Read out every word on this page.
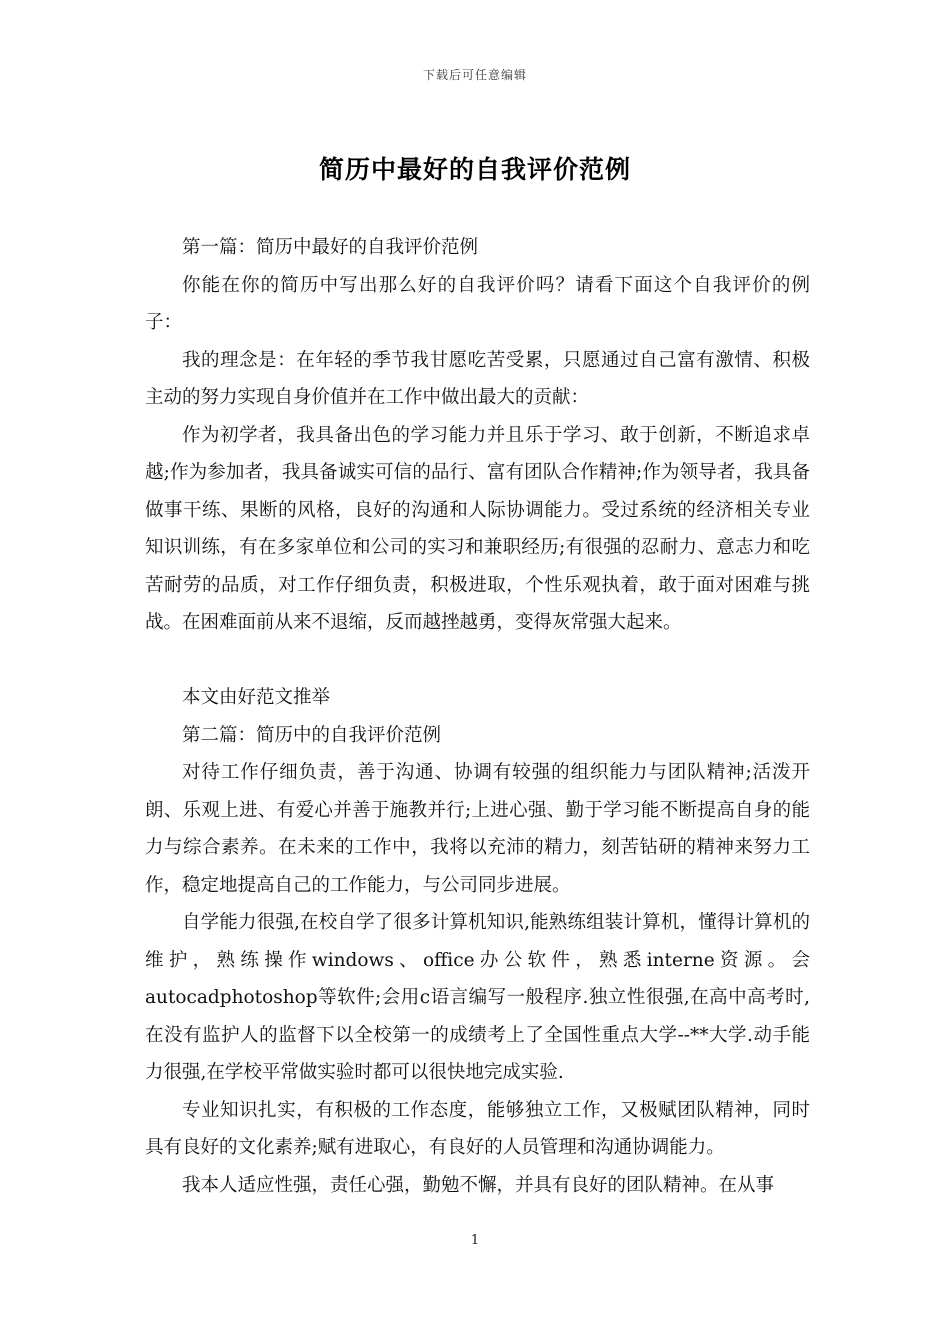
下载后可任意编辑
简历中最好的自我评价范例

第一篇：简历中最好的自我评价范例

你能在你的简历中写出那么好的自我评价吗？请看下面这个自我评价的例子：

我的理念是：在年轻的季节我甘愿吃苦受累，只愿通过自己富有激情、积极主动的努力实现自身价值并在工作中做出最大的贡献：

作为初学者，我具备出色的学习能力并且乐于学习、敢于创新，不断追求卓越;作为参加者，我具备诚实可信的品行、富有团队合作精神;作为领导者，我具备做事干练、果断的风格，良好的沟通和人际协调能力。受过系统的经济相关专业知识训练，有在多家单位和公司的实习和兼职经历;有很强的忍耐力、意志力和吃苦耐劳的品质，对工作仔细负责，积极进取，个性乐观执着，敢于面对困难与挑战。在困难面前从来不退缩，反而越挫越勇，变得灰常强大起来。

本文由好范文推举

第二篇：简历中的自我评价范例

对待工作仔细负责，善于沟通、协调有较强的组织能力与团队精神;活泼开朗、乐观上进、有爱心并善于施教并行;上进心强、勤于学习能不断提高自身的能力与综合素养。在未来的工作中，我将以充沛的精力，刻苦钻研的精神来努力工作，稳定地提高自己的工作能力，与公司同步进展。

自学能力很强,在校自学了很多计算机知识,能熟练组装计算机，懂得计算机的维护，熟练操作windows、office办公软件，熟悉interne资源。会autocadphotoshop等软件;会用c语言编写一般程序.独立性很强,在高中高考时,在没有监护人的监督下以全校第一的成绩考上了全国性重点大学--**大学.动手能力很强,在学校平常做实验时都可以很快地完成实验.

专业知识扎实，有积极的工作态度，能够独立工作，又极赋团队精神，同时具有良好的文化素养;赋有进取心，有良好的人员管理和沟通协调能力。

我本人适应性强，责任心强，勤勉不懈，并具有良好的团队精神。在从事

1
